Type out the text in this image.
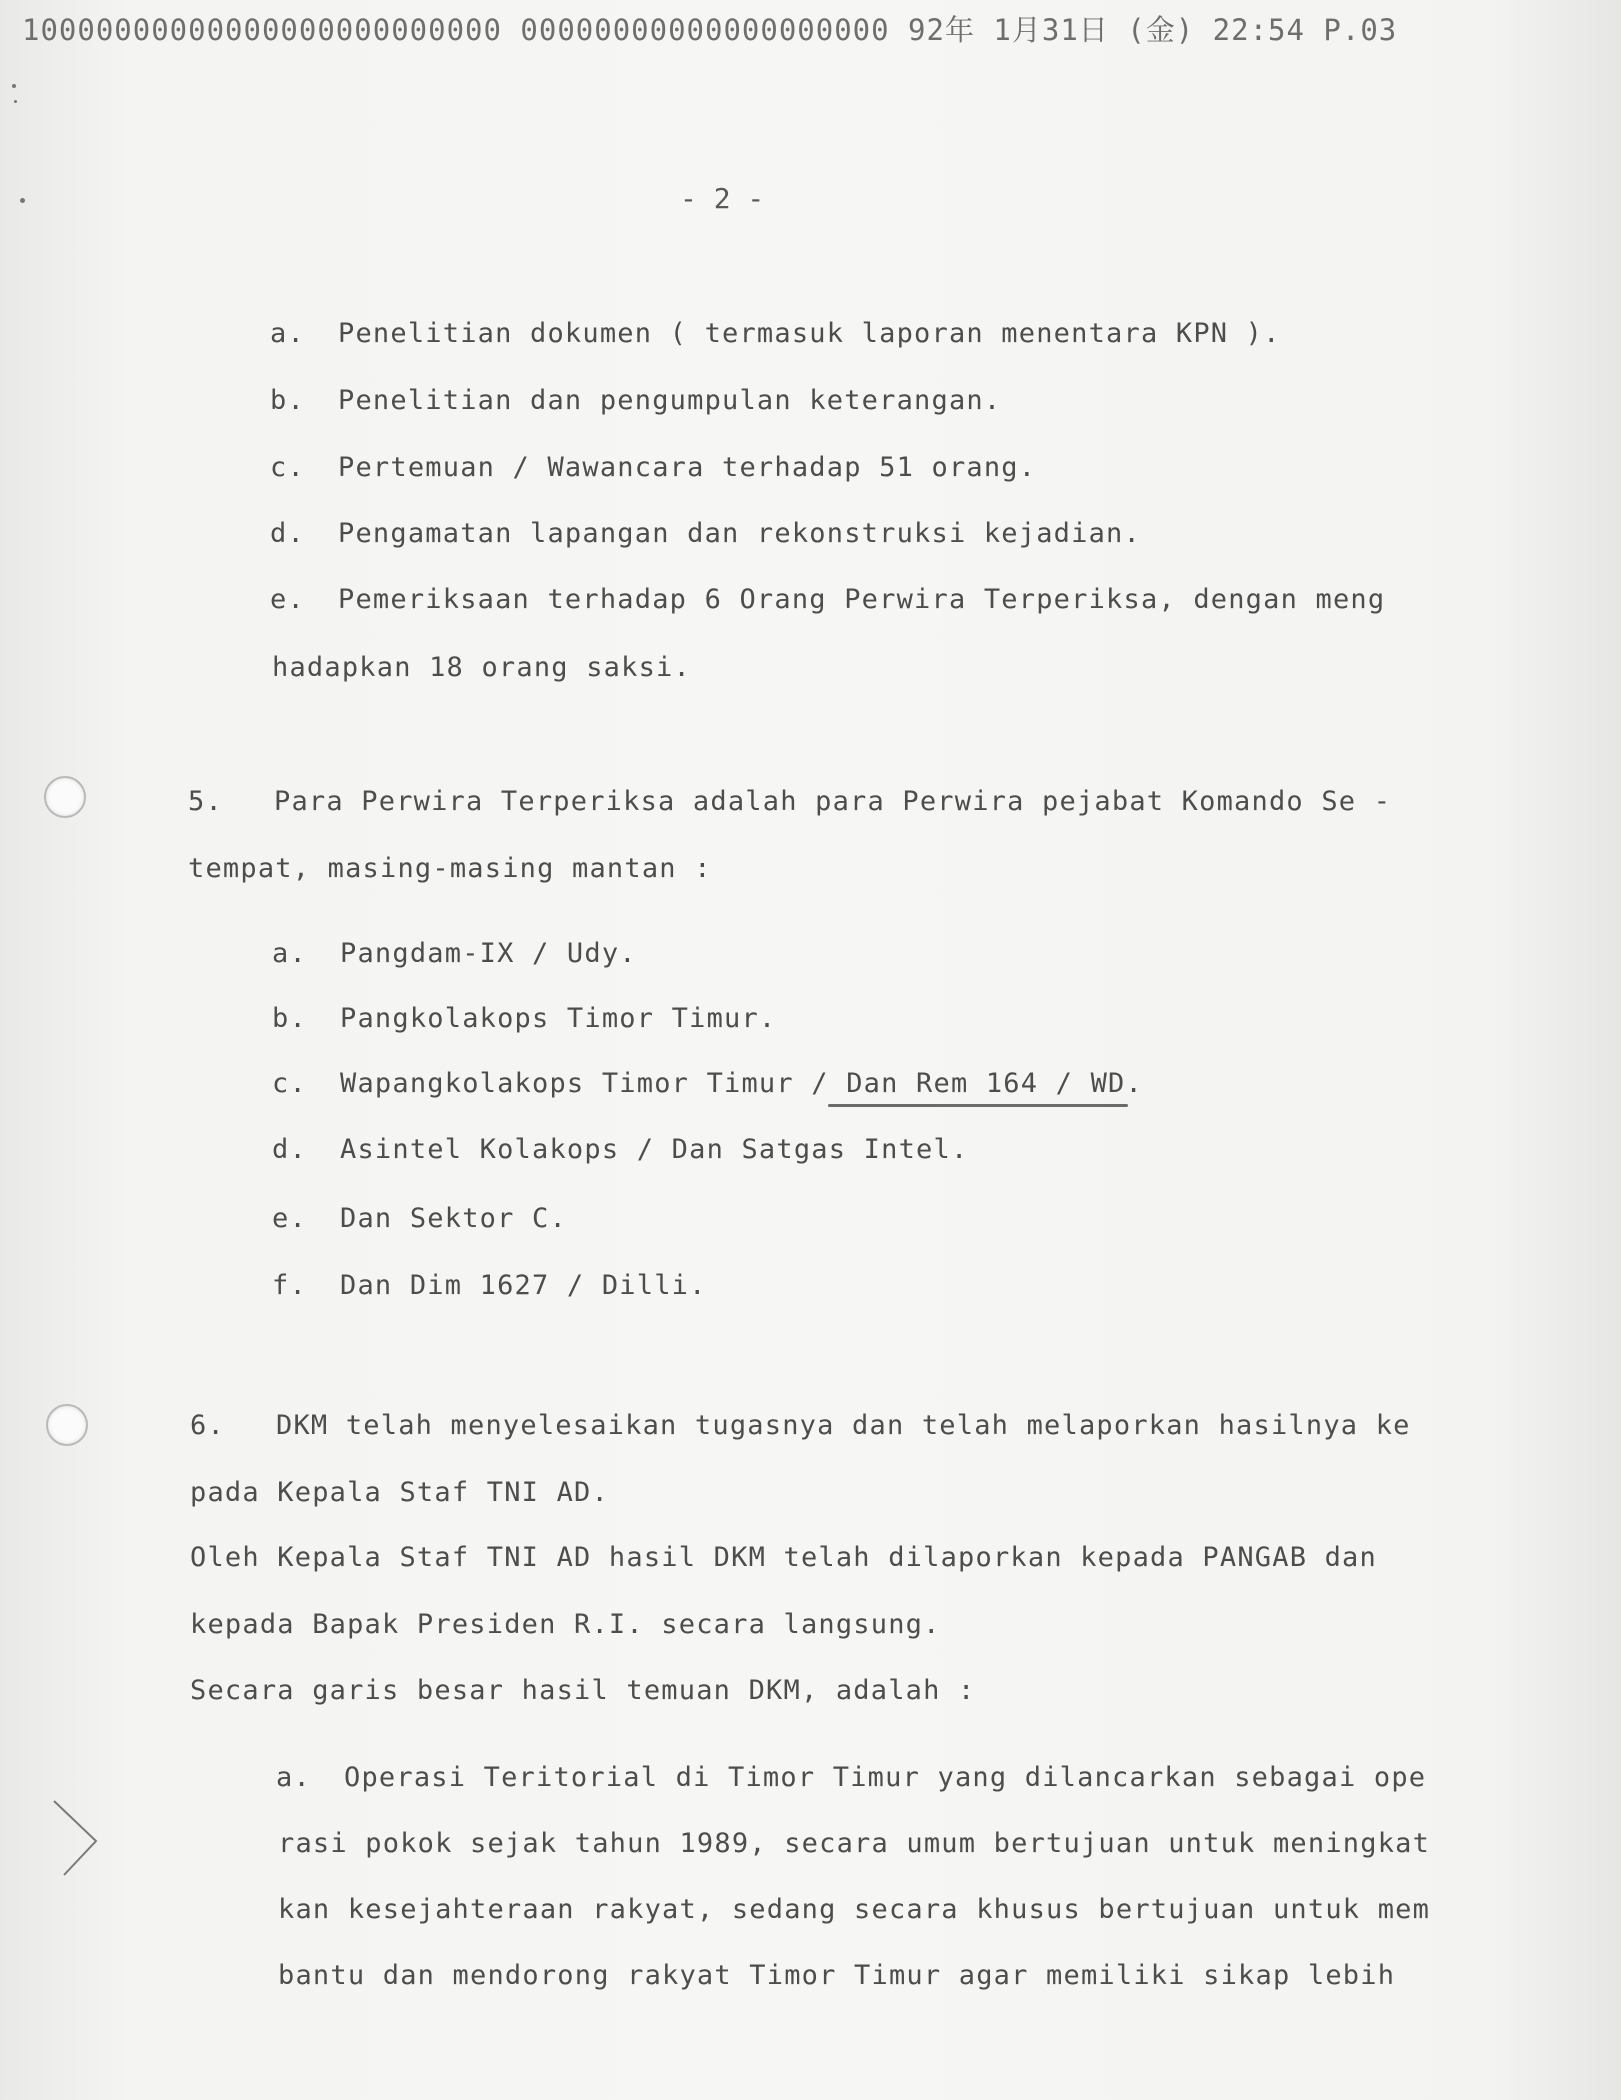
10000000000000000000000000 00000000000000000000 92年 1月31日 (金) 22:54 P.03
- 2 -
a. Penelitian dokumen ( termasuk laporan menentara KPN ).
b. Penelitian dan pengumpulan keterangan.
c. Pertemuan / Wawancara terhadap 51 orang.
d. Pengamatan lapangan dan rekonstruksi kejadian.
e. Pemeriksaan terhadap 6 Orang Perwira Terperiksa, dengan meng
hadapkan 18 orang saksi.
5. Para Perwira Terperiksa adalah para Perwira pejabat Komando Se -
tempat, masing-masing mantan :
a. Pangdam-IX / Udy.
b. Pangkolakops Timor Timur.
c. Wapangkolakops Timor Timur / Dan Rem 164 / WD.
d. Asintel Kolakops / Dan Satgas Intel.
e. Dan Sektor C.
f. Dan Dim 1627 / Dilli.
6. DKM telah menyelesaikan tugasnya dan telah melaporkan hasilnya ke
pada Kepala Staf TNI AD.
Oleh Kepala Staf TNI AD hasil DKM telah dilaporkan kepada PANGAB dan
kepada Bapak Presiden R.I. secara langsung.
Secara garis besar hasil temuan DKM, adalah :
a. Operasi Teritorial di Timor Timur yang dilancarkan sebagai ope
rasi pokok sejak tahun 1989, secara umum bertujuan untuk meningkat
kan kesejahteraan rakyat, sedang secara khusus bertujuan untuk mem
bantu dan mendorong rakyat Timor Timur agar memiliki sikap lebih
